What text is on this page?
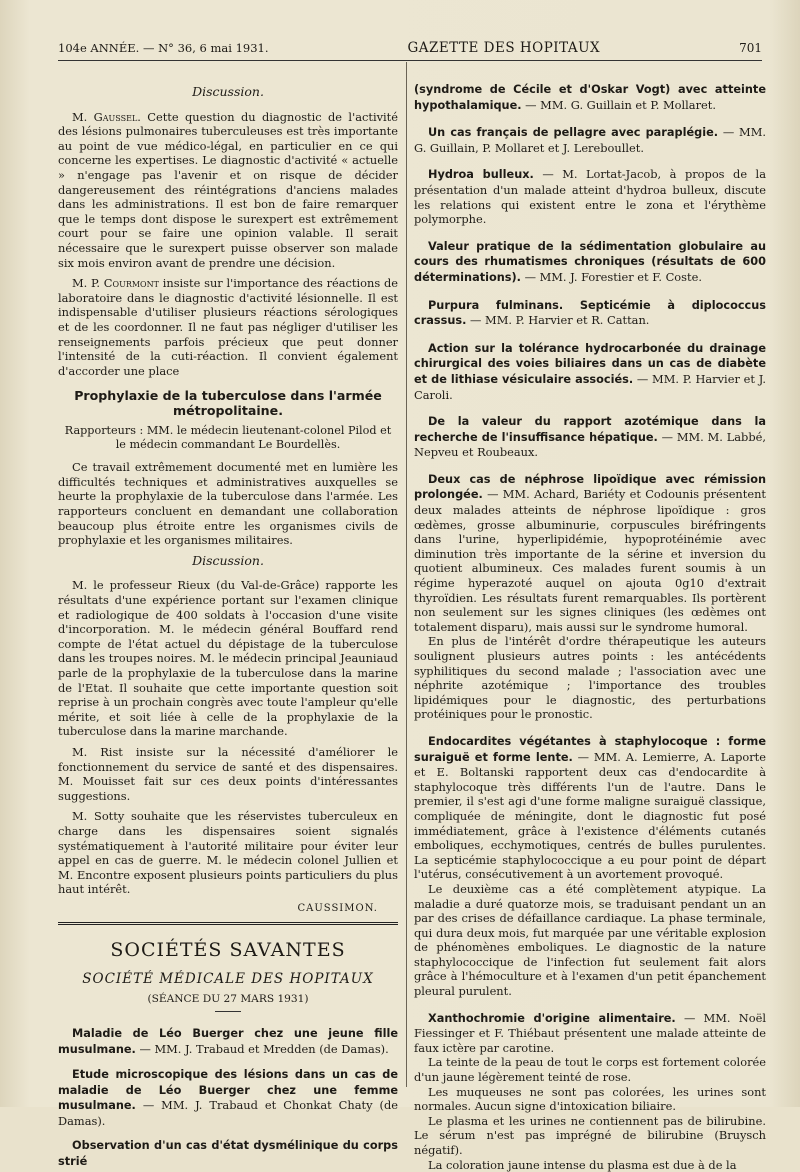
104e ANNÉE. — N° 36, 6 mai 1931.	GAZETTE DES HOPITAUX	701

Discussion.

M. Gaussel. Cette question du diagnostic de l'activité des lésions pulmonaires tuberculeuses est très importante au point de vue médico-légal, en particulier en ce qui concerne les expertises. Le diagnostic d'activité « actuelle » n'engage pas l'avenir et on risque de décider dangereusement des réintégrations d'anciens malades dans les administrations. Il est bon de faire remarquer que le temps dont dispose le surexpert est extrêmement court pour se faire une opinion valable. Il serait nécessaire que le surexpert puisse observer son malade six mois environ avant de prendre une décision.

M. P. Courmont insiste sur l'importance des réactions de laboratoire dans le diagnostic d'activité lésionnelle. Il est indispensable d'utiliser plusieurs réactions sérologiques et de les coordonner. Il ne faut pas négliger d'utiliser les renseignements parfois précieux que peut donner l'intensité de la cuti-réaction. Il convient également d'accorder une place

Prophylaxie de la tuberculose dans l'armée métropolitaine.
Rapporteurs : MM. le médecin lieutenant-colonel Pilod et
le médecin commandant Le Bourdellès.

Ce travail extrêmement documenté met en lumière les difficultés techniques et administratives auxquelles se heurte la prophylaxie de la tuberculose dans l'armée. Les rapporteurs concluent en demandant une collaboration beaucoup plus étroite entre les organismes civils de prophylaxie et les organismes militaires.

Discussion.

M. le professeur Rieux (du Val-de-Grâce) rapporte les résultats d'une expérience portant sur l'examen clinique et radiologique de 400 soldats à l'occasion d'une visite d'incorporation. M. le médecin général Bouffard rend compte de l'état actuel du dépistage de la tuberculose dans les troupes noires. M. le médecin principal Jeauniaud parle de la prophylaxie de la tuberculose dans la marine de l'Etat. Il souhaite que cette importante question soit reprise à un prochain congrès avec toute l'ampleur qu'elle mérite, et soit liée à celle de la prophylaxie de la tuberculose dans la marine marchande.

M. Rist insiste sur la nécessité d'améliorer le fonctionnement du service de santé et des dispensaires. M. Mouisset fait sur ces deux points d'intéressantes suggestions.

M. Sotty souhaite que les réservistes tuberculeux en charge dans les dispensaires soient signalés systématiquement à l'autorité militaire pour éviter leur appel en cas de guerre. M. le médecin colonel Jullien et M. Encontre exposent plusieurs points particuliers du plus haut intérêt.

CAUSSIMON.
SOCIÉTÉS SAVANTES
SOCIÉTÉ MÉDICALE DES HOPITAUX
(SÉANCE DU 27 MARS 1931)

Maladie de Léo Buerger chez une jeune fille musulmane. — MM. J. Trabaud et Mredden (de Damas).

Etude microscopique des lésions dans un cas de maladie de Léo Buerger chez une femme musulmane. — MM. J. Trabaud et Chonkat Chaty (de Damas).

Observation d'un cas d'état dysmélinique du corps strié

(syndrome de Cécile et d'Oskar Vogt) avec atteinte hypothalamique. — MM. G. Guillain et P. Mollaret.

Un cas français de pellagre avec paraplégie. — MM. G. Guillain, P. Mollaret et J. Lereboullet.

Hydroa bulleux. — M. Lortat-Jacob, à propos de la présentation d'un malade atteint d'hydroa bulleux, discute les relations qui existent entre le zona et l'érythème polymorphe.

Valeur pratique de la sédimentation globulaire au cours des rhumatismes chroniques (résultats de 600 déterminations). — MM. J. Forestier et F. Coste.

Purpura fulminans. Septicémie à diplococcus crassus. — MM. P. Harvier et R. Cattan.

Action sur la tolérance hydrocarbonée du drainage chirurgical des voies biliaires dans un cas de diabète et de lithiase vésiculaire associés. — MM. P. Harvier et J. Caroli.

De la valeur du rapport azotémique dans la recherche de l'insuffisance hépatique. — MM. M. Labbé, Nepveu et Roubeaux.

Deux cas de néphrose lipoïdique avec rémission prolongée. — MM. Achard, Bariéty et Codounis présentent deux malades atteints de néphrose lipoïdique : gros œdèmes, grosse albuminurie, corpuscules biréfringents dans l'urine, hyperlipidémie, hypoprotéinémie avec diminution très importante de la sérine et inversion du quotient albumineux. Ces malades furent soumis à un régime hyperazoté auquel on ajouta 0g10 d'extrait thyroïdien. Les résultats furent remarquables. Ils portèrent non seulement sur les signes cliniques (les œdèmes ont totalement disparu), mais aussi sur le syndrome humoral.

En plus de l'intérêt d'ordre thérapeutique les auteurs soulignent plusieurs autres points : les antécédents syphilitiques du second malade ; l'association avec une néphrite azotémique ; l'importance des troubles lipidémiques pour le diagnostic, des perturbations protéiniques pour le pronostic.

Endocardites végétantes à staphylocoque : forme suraiguë et forme lente. — MM. A. Lemierre, A. Laporte et E. Boltanski rapportent deux cas d'endocardite à staphylocoque très différents l'un de l'autre. Dans le premier, il s'est agi d'une forme maligne suraiguë classique, compliquée de méningite, dont le diagnostic fut posé immédiatement, grâce à l'existence d'éléments cutanés emboliques, ecchymotiques, centrés de bulles purulentes. La septicémie staphylococcique a eu pour point de départ l'utérus, consécutivement à un avortement provoqué.

Le deuxième cas a été complètement atypique. La maladie a duré quatorze mois, se traduisant pendant un an par des crises de défaillance cardiaque. La phase terminale, qui dura deux mois, fut marquée par une véritable explosion de phénomènes emboliques. Le diagnostic de la nature staphylococcique de l'infection fut seulement fait alors grâce à l'hémoculture et à l'examen d'un petit épanchement pleural purulent.

Xanthochromie d'origine alimentaire. — MM. Noël Fiessinger et F. Thiébaut présentent une malade atteinte de faux ictère par carotine.

La teinte de la peau de tout le corps est fortement colorée d'un jaune légèrement teinté de rose.

Les muqueuses ne sont pas colorées, les urines sont normales. Aucun signe d'intoxication biliaire.

Le plasma et les urines ne contiennent pas de bilirubine. Le sérum n'est pas imprégné de bilirubine (Bruysch négatif).

La coloration jaune intense du plasma est due à de la
